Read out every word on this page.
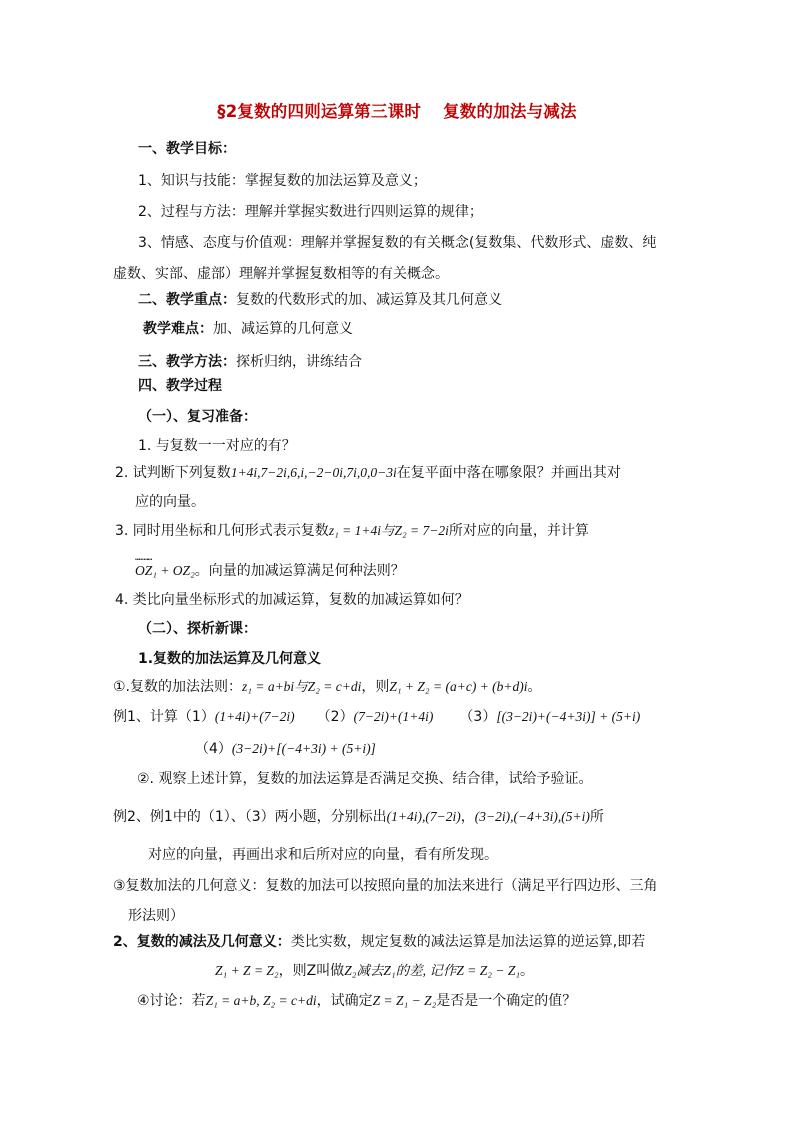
§2复数的四则运算第三课时 复数的加法与减法
一、教学目标：
1、知识与技能：掌握复数的加法运算及意义；
2、过程与方法：理解并掌握实数进行四则运算的规律；
3、情感、态度与价值观：理解并掌握复数的有关概念(复数集、代数形式、虚数、纯
虚数、实部、虚部）理解并掌握复数相等的有关概念。
二、教学重点：复数的代数形式的加、减运算及其几何意义
教学难点：加、减运算的几何意义
三、教学方法：探析归纳，讲练结合
四、教学过程
（一）、复习准备：
1. 与复数一一对应的有？
2. 试判断下列复数1+4i,7−2i,6,i,−2−0i,7i,0,0−3i在复平面中落在哪象限？并画出其对
应的向量。
3. 同时用坐标和几何形式表示复数z₁ = 1+4i与Z₂ = 7−2i所对应的向量，并计算
┅┅ ┅┅
OZ₁ + OZ₂。向量的加减运算满足何种法则？
4. 类比向量坐标形式的加减运算，复数的加减运算如何？
（二）、探析新课：
1.复数的加法运算及几何意义
①.复数的加法法则：z₁ = a+bi与Z₂ = c+di，则Z₁ + Z₂ = (a+c) + (b+d)i。
例1、计算（1）(1+4i)+(7−2i) （2）(7−2i)+(1+4i) （3）[(3−2i)+(−4+3i)] + (5+i)
（4）(3−2i)+[(−4+3i) + (5+i)]
②. 观察上述计算，复数的加法运算是否满足交换、结合律，试给予验证。
例2、例1中的（1）、（3）两小题，分别标出(1+4i),(7−2i)，(3−2i),(−4+3i),(5+i)所
对应的向量，再画出求和后所对应的向量，看有所发现。
③复数加法的几何意义：复数的加法可以按照向量的加法来进行（满足平行四边形、三角
形法则）
2、复数的减法及几何意义：类比实数，规定复数的减法运算是加法运算的逆运算,即若
Z₁ + Z = Z₂，则Z叫做Z₂减去Z₁的差, 记作Z = Z₂ − Z₁。
④讨论：若Z₁ = a+b, Z₂ = c+di，试确定Z = Z₁ − Z₂是否是一个确定的值？
